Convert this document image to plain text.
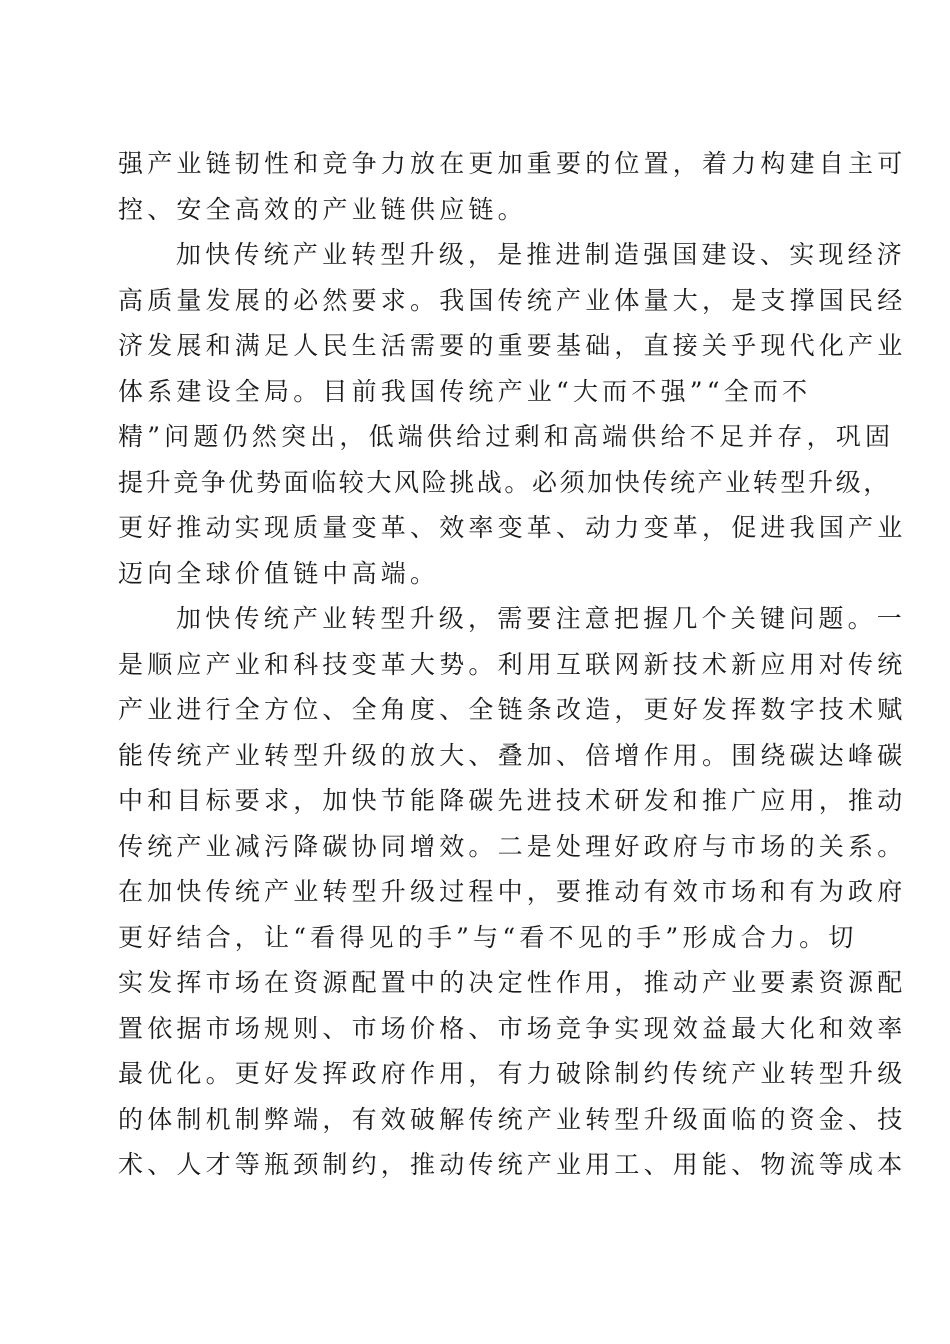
强产业链韧性和竞争力放在更加重要的位置，着力构建自主可
控、安全高效的产业链供应链。
加快传统产业转型升级，是推进制造强国建设、实现经济
高质量发展的必然要求。我国传统产业体量大，是支撑国民经
济发展和满足人民生活需要的重要基础，直接关乎现代化产业
体系建设全局。目前我国传统产业“大而不强”“全而不
精”问题仍然突出，低端供给过剩和高端供给不足并存，巩固
提升竞争优势面临较大风险挑战。必须加快传统产业转型升级，
更好推动实现质量变革、效率变革、动力变革，促进我国产业
迈向全球价值链中高端。
加快传统产业转型升级，需要注意把握几个关键问题。一
是顺应产业和科技变革大势。利用互联网新技术新应用对传统
产业进行全方位、全角度、全链条改造，更好发挥数字技术赋
能传统产业转型升级的放大、叠加、倍增作用。围绕碳达峰碳
中和目标要求，加快节能降碳先进技术研发和推广应用，推动
传统产业减污降碳协同增效。二是处理好政府与市场的关系。
在加快传统产业转型升级过程中，要推动有效市场和有为政府
更好结合，让“看得见的手”与“看不见的手”形成合力。切
实发挥市场在资源配置中的决定性作用，推动产业要素资源配
置依据市场规则、市场价格、市场竞争实现效益最大化和效率
最优化。更好发挥政府作用，有力破除制约传统产业转型升级
的体制机制弊端，有效破解传统产业转型升级面临的资金、技
术、人才等瓶颈制约，推动传统产业用工、用能、物流等成本
